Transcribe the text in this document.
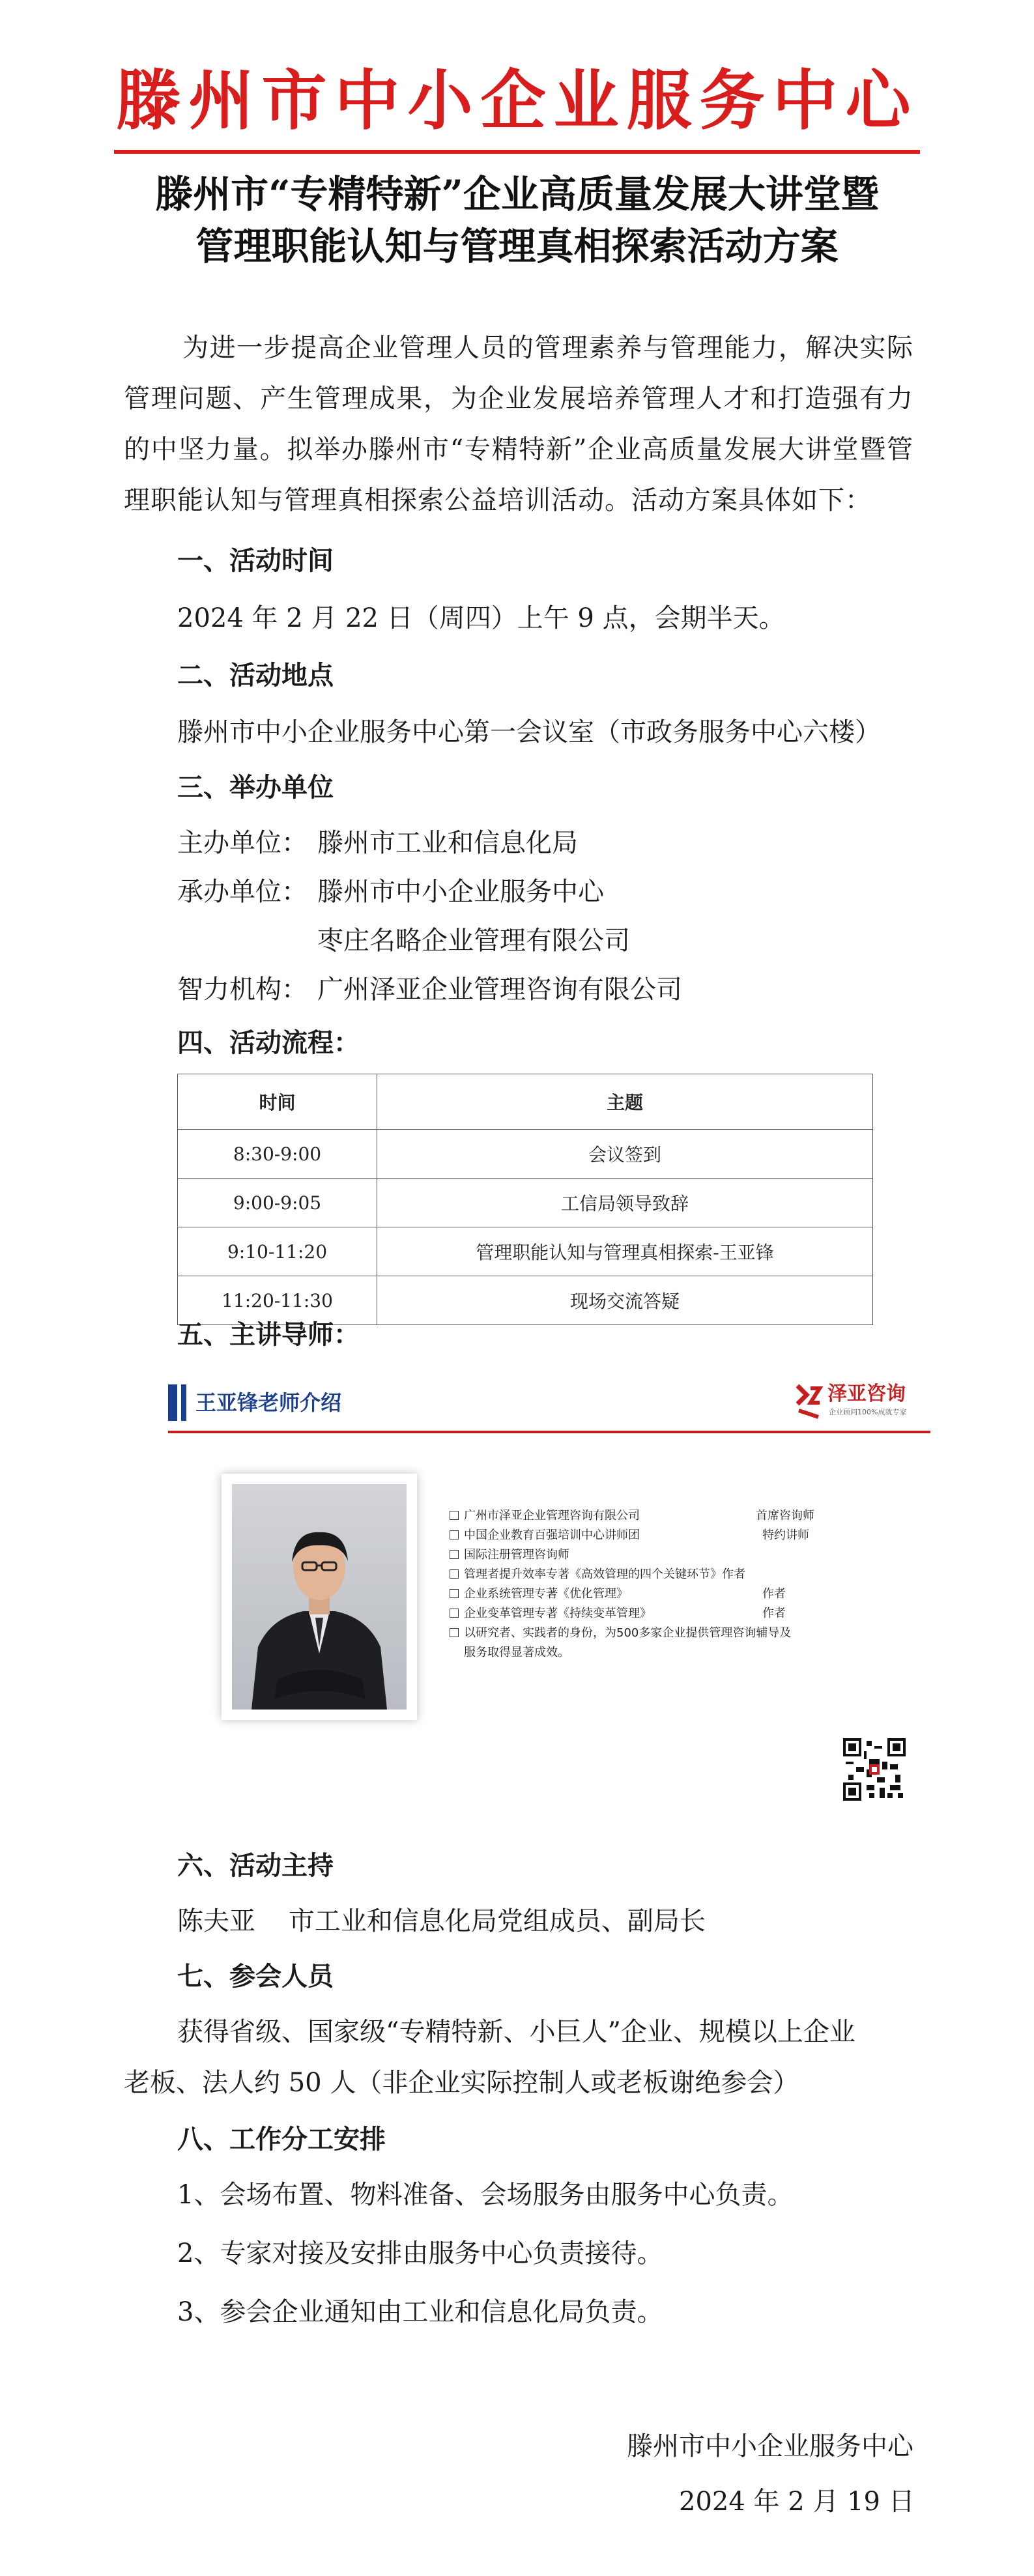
滕州市中小企业服务中心
滕州市“专精特新”企业高质量发展大讲堂暨
管理职能认知与管理真相探索活动方案
为进一步提高企业管理人员的管理素养与管理能力，解决实际管理问题、产生管理成果，为企业发展培养管理人才和打造强有力的中坚力量。拟举办滕州市“专精特新”企业高质量发展大讲堂暨管理职能认知与管理真相探索公益培训活动。活动方案具体如下：
一、活动时间
2024 年 2 月 22 日（周四）上午 9 点，会期半天。
二、活动地点
滕州市中小企业服务中心第一会议室（市政务服务中心六楼）
三、举办单位
主办单位： 滕州市工业和信息化局
承办单位： 滕州市中小企业服务中心
枣庄名略企业管理有限公司
智力机构： 广州泽亚企业管理咨询有限公司
四、活动流程：
时间	主题
8:30-9:00	会议签到
9:00-9:05	工信局领导致辞
9:10-11:20	管理职能认知与管理真相探索-王亚锋
11:20-11:30	现场交流答疑
五、主讲导师：
王亚锋老师介绍	泽亚咨询
企业顾问100%成就专家
广州市泽亚企业管理咨询有限公司	首席咨询师
中国企业教育百强培训中心讲师团	特约讲师
国际注册管理咨询师
管理者提升效率专著《高效管理的四个关键环节》作者
企业系统管理专著《优化管理》	作者
企业变革管理专著《持续变革管理》	作者
以研究者、实践者的身份，为500多家企业提供管理咨询辅导及
服务取得显著成效。
六、活动主持
陈夫亚    市工业和信息化局党组成员、副局长
七、参会人员
获得省级、国家级“专精特新、小巨人”企业、规模以上企业
老板、法人约 50 人（非企业实际控制人或老板谢绝参会）
八、工作分工安排
1、会场布置、物料准备、会场服务由服务中心负责。
2、专家对接及安排由服务中心负责接待。
3、参会企业通知由工业和信息化局负责。
滕州市中小企业服务中心
2024 年 2 月 19 日
